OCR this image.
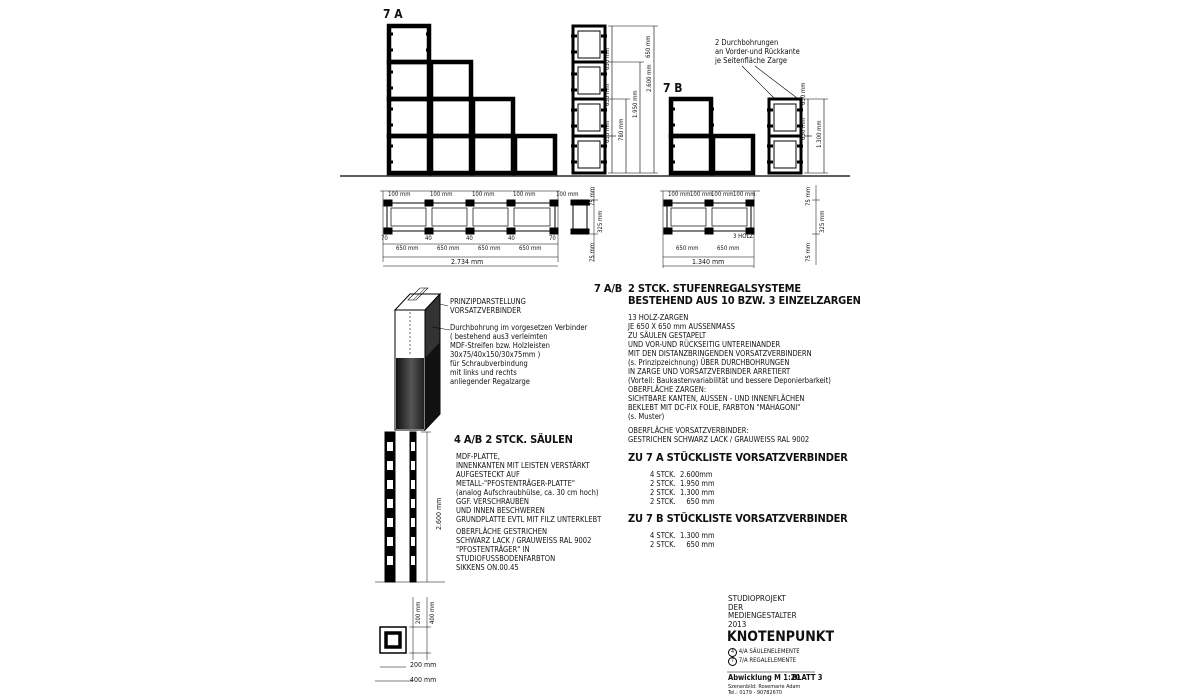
7 A
650 mm
650 mm
650 mm
650 mm
780 mm
1.950 mm
2.600 mm 7 B
2 Durchbohrungen
an Vorder-und Rückkante
je Seitenfläche Zarge
650 mm
650 mm
1.300 mm
100 mm	100 mm	100 mm	100 mm	100 mm
70	40	40	40	70
650 mm	650 mm	650 mm	650 mm
2.734 mm
75 mm
325 mm
75 mm
100 mm 100 mm
100 mm 100 mm
650 mm	650 mm
1.340 mm
3 HOLZ
75 mm
325 mm
75 mm
PRINZIPDARSTELLUNG
VORSATZVERBINDER
Durchbohrung im vorgesetzen Verbinder
( bestehend aus3 verleimten
MDF-Streifen bzw. Holzleisten
30x75/40x150/30x75mm )
für Schraubverbindung
mit links und rechts
anliegender Regalzarge
7 A/B 2 STCK. STUFENREGALSYSTEME
BESTEHEND AUS 10 BZW. 3 EINZELZARGEN
13 HOLZ-ZARGEN
JE 650 X 650 mm AUSSENMASS
ZU SÄULEN GESTAPELT
UND VOR-UND RÜCKSEITIG UNTEREINANDER
MIT DEN DISTANZBRINGENDEN VORSATZVERBINDERN
(s. Prinzipzeichnung) ÜBER DURCHBOHRUNGEN
IN ZARGE UND VORSATZVERBINDER ARRETIERT
(Vorteil: Baukastenvariabilität und bessere Deponierbarkeit)
OBERFLÄCHE ZARGEN:
SICHTBARE KANTEN, AUSSEN - UND INNENFLÄCHEN
BEKLEBT MIT DC-FIX FOLIE, FARBTON "MAHAGONI"
(s. Muster)
OBERFLÄCHE VORSATZVERBINDER:
GESTRICHEN SCHWARZ LACK / GRAUWEISS RAL 9002
ZU 7 A STÜCKLISTE VORSATZVERBINDER
4 STCK.  2.600mm
2 STCK.  1.950 mm
2 STCK.  1.300 mm
2 STCK.     650 mm
ZU 7 B STÜCKLISTE VORSATZVERBINDER
4 STCK.  1.300 mm
2 STCK.     650 mm
4 A/B 2 STCK. SÄULEN
2.600 mm
MDF-PLATTE,
INNENKANTEN MIT LEISTEN VERSTÄRKT
AUFGESTECKT AUF
METALL-"PFOSTENTRÄGER-PLATTE"
(analog Aufschraubhülse, ca. 30 cm hoch)
GGF. VERSCHRAUBEN
UND INNEN BESCHWEREN
GRUNDPLATTE EVTL MIT FILZ UNTERKLEBT
OBERFLÄCHE GESTRICHEN
SCHWARZ LACK / GRAUWEISS RAL 9002
"PFOSTENTRÄGER" IN
STUDIOFUSSBODENFARBTON
SIKKENS ON.00.45
400 mm
200 mm
200 mm
400 mm
STUDIOPROJEKT
DER
MEDIENGESTALTER
2013
KNOTENPUNKT
4 4/A SÄULENELEMENTE
7 7/A REGALELEMENTE
Abwicklung M 1:20
BLATT 3
Szenenbild: Rosemarie Adam
Tel.: 0179 - 90782670
